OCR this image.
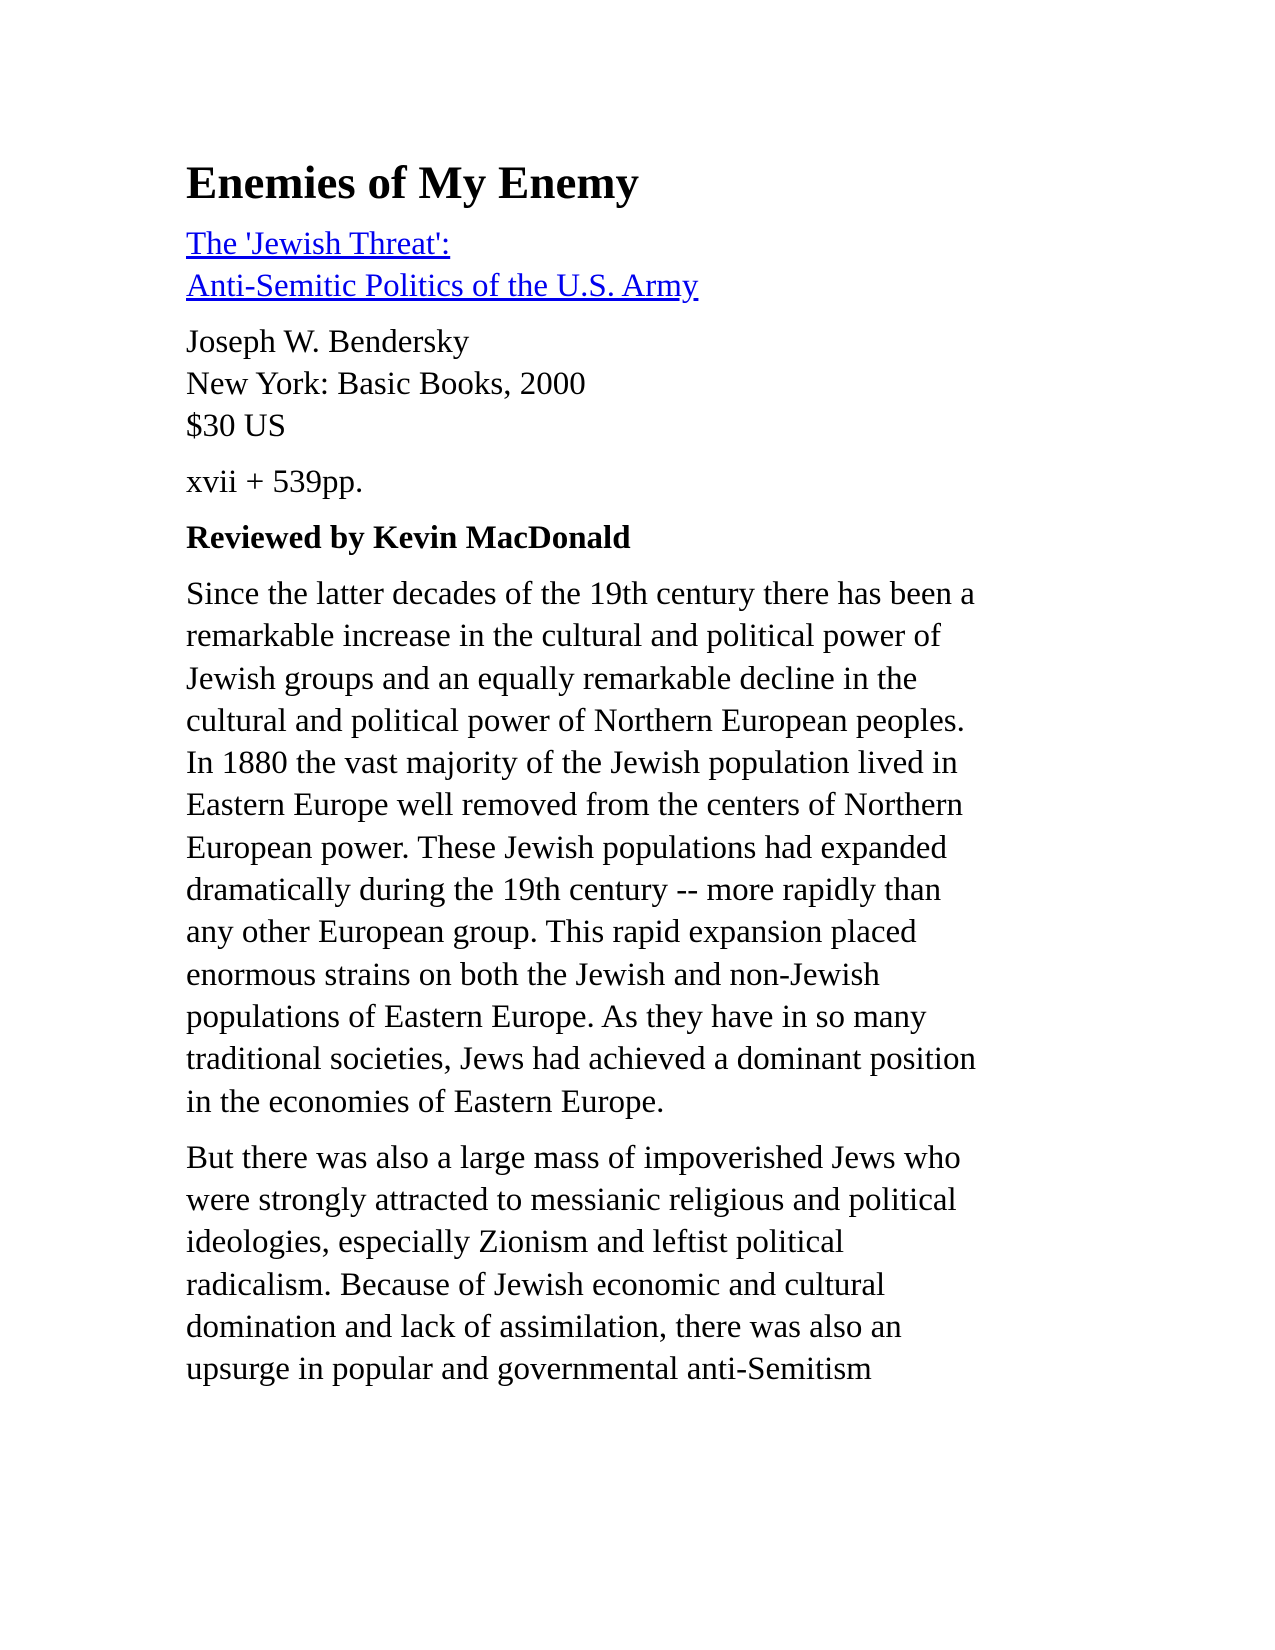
Enemies of My Enemy
The 'Jewish Threat':
Anti-Semitic Politics of the U.S. Army
Joseph W. Bendersky
New York: Basic Books, 2000
$30 US
xvii + 539pp.
Reviewed by Kevin MacDonald
Since the latter decades of the 19th century there has been a
remarkable increase in the cultural and political power of
Jewish groups and an equally remarkable decline in the
cultural and political power of Northern European peoples.
In 1880 the vast majority of the Jewish population lived in
Eastern Europe well removed from the centers of Northern
European power. These Jewish populations had expanded
dramatically during the 19th century -- more rapidly than
any other European group. This rapid expansion placed
enormous strains on both the Jewish and non-Jewish
populations of Eastern Europe. As they have in so many
traditional societies, Jews had achieved a dominant position
in the economies of Eastern Europe.
But there was also a large mass of impoverished Jews who
were strongly attracted to messianic religious and political
ideologies, especially Zionism and leftist political
radicalism. Because of Jewish economic and cultural
domination and lack of assimilation, there was also an
upsurge in popular and governmental anti-Semitism
